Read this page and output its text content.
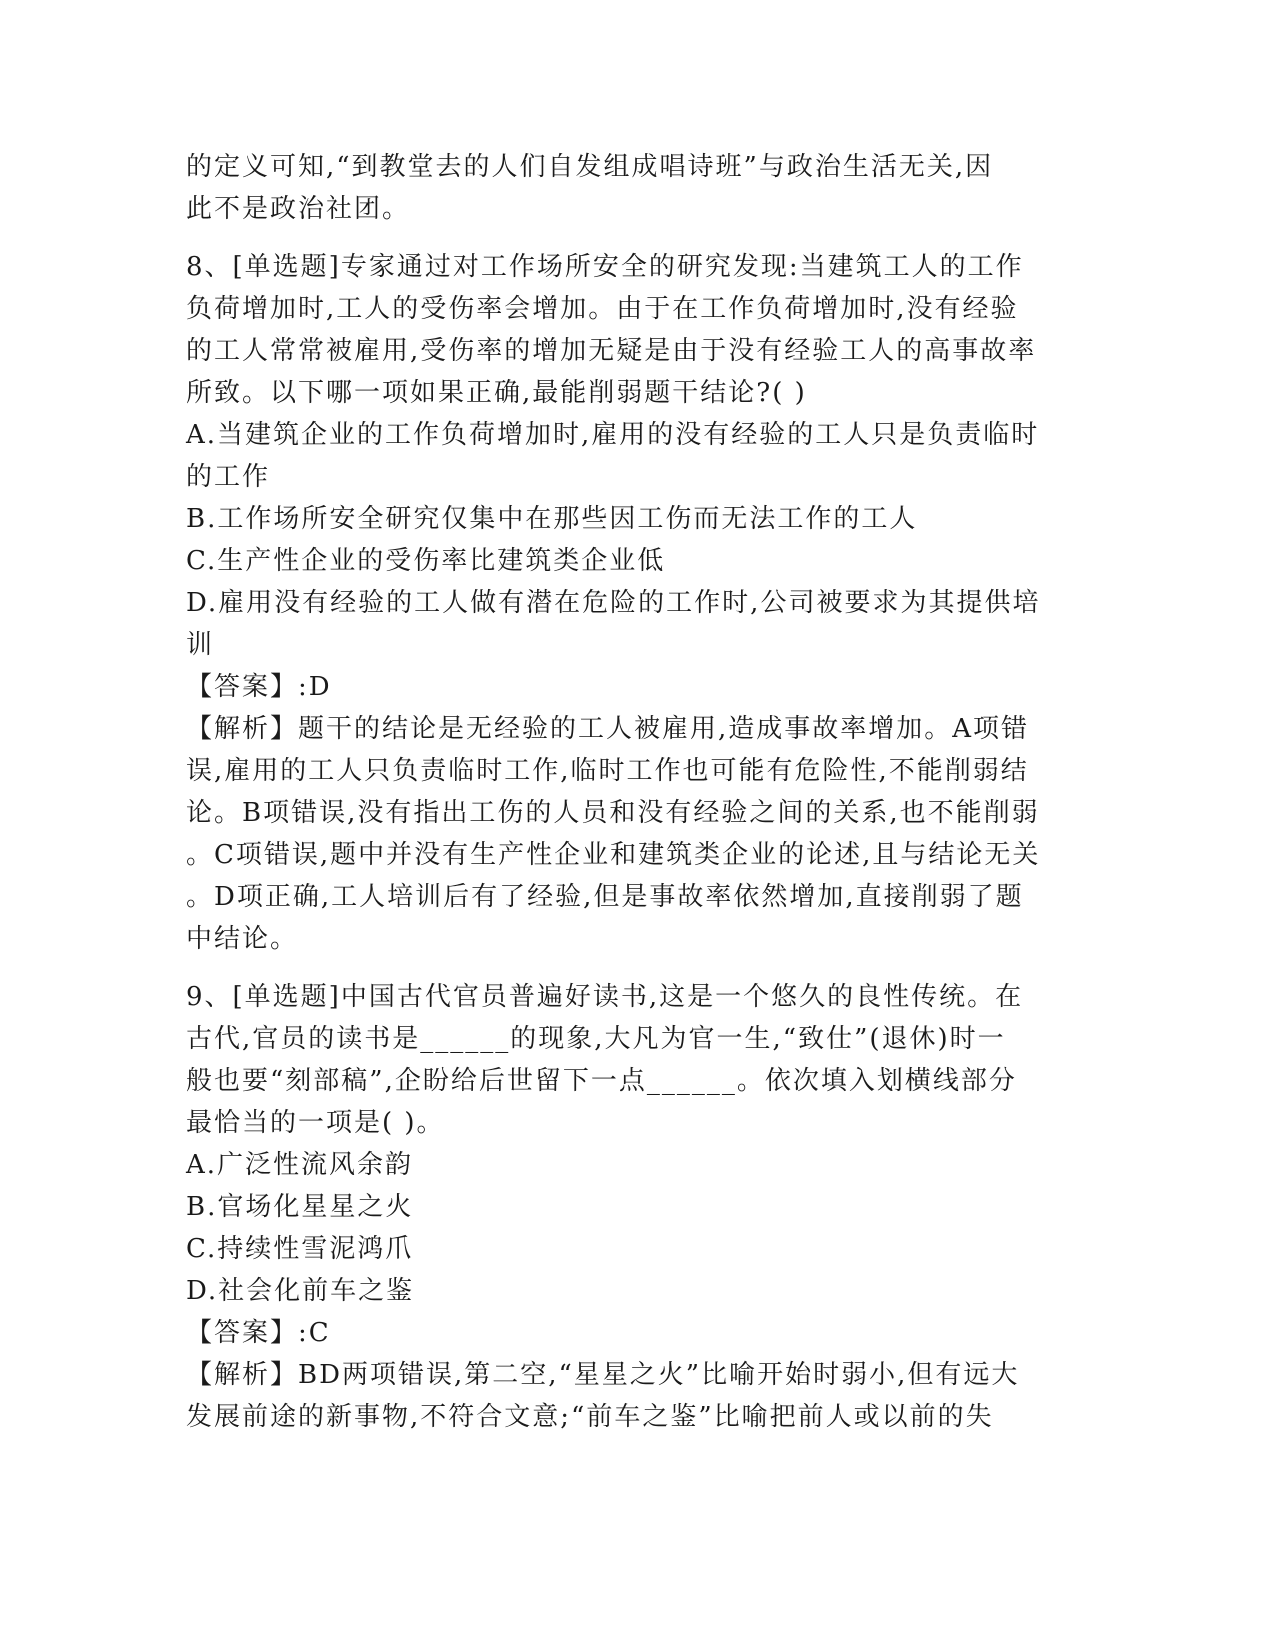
的定义可知,“到教堂去的人们自发组成唱诗班”与政治生活无关,因
此不是政治社团。
8、[单选题]专家通过对工作场所安全的研究发现:当建筑工人的工作
负荷增加时,工人的受伤率会增加。由于在工作负荷增加时,没有经验
的工人常常被雇用,受伤率的增加无疑是由于没有经验工人的高事故率
所致。以下哪一项如果正确,最能削弱题干结论?( )
A.当建筑企业的工作负荷增加时,雇用的没有经验的工人只是负责临时
的工作
B.工作场所安全研究仅集中在那些因工伤而无法工作的工人
C.生产性企业的受伤率比建筑类企业低
D.雇用没有经验的工人做有潜在危险的工作时,公司被要求为其提供培
训
【答案】:D
【解析】题干的结论是无经验的工人被雇用,造成事故率增加。A项错
误,雇用的工人只负责临时工作,临时工作也可能有危险性,不能削弱结
论。B项错误,没有指出工伤的人员和没有经验之间的关系,也不能削弱
。C项错误,题中并没有生产性企业和建筑类企业的论述,且与结论无关
。D项正确,工人培训后有了经验,但是事故率依然增加,直接削弱了题
中结论。
9、[单选题]中国古代官员普遍好读书,这是一个悠久的良性传统。在
古代,官员的读书是______的现象,大凡为官一生,“致仕”(退休)时一
般也要“刻部稿”,企盼给后世留下一点______。依次填入划横线部分
最恰当的一项是( )。
A.广泛性流风余韵
B.官场化星星之火
C.持续性雪泥鸿爪
D.社会化前车之鉴
【答案】:C
【解析】BD两项错误,第二空,“星星之火”比喻开始时弱小,但有远大
发展前途的新事物,不符合文意;“前车之鉴”比喻把前人或以前的失
